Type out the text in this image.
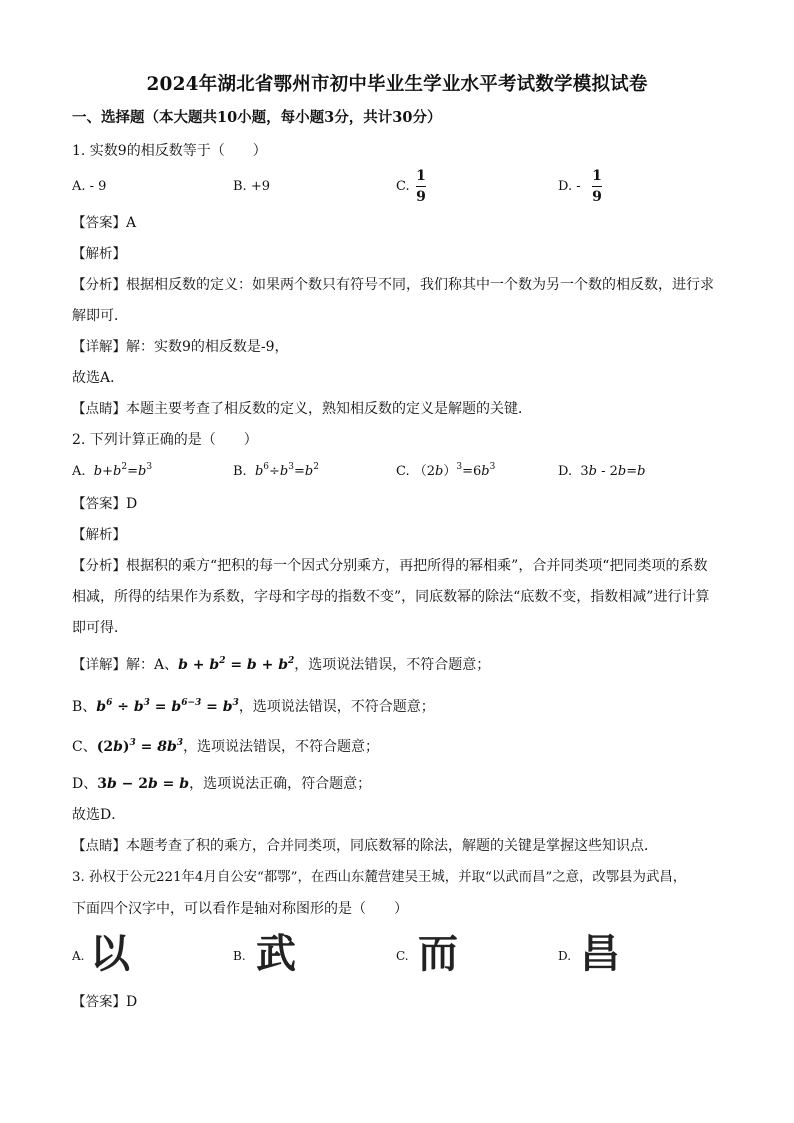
2024年湖北省鄂州市初中毕业生学业水平考试数学模拟试卷
一、选择题（本大题共10小题，每小题3分，共计30分）
1. 实数9的相反数等于（　　）
A. - 9	B. +9	C.
1
9
D. -
1
9
【答案】A
【解析】
【分析】根据相反数的定义：如果两个数只有符号不同，我们称其中一个数为另一个数的相反数，进行求
解即可．
【详解】解：实数9的相反数是-9，
故选A．
【点睛】本题主要考查了相反数的定义，熟知相反数的定义是解题的关键．
2. 下列计算正确的是（　　）
A. $b+b^2=b^3$	B. $b^6\div b^3=b^2$	C. $(2b)^3=6b^3$	D.  3b - 2b=b
【答案】D
【解析】
【分析】根据积的乘方“把积的每一个因式分别乘方，再把所得的幂相乘”，合并同类项“把同类项的系数
相减，所得的结果作为系数，字母和字母的指数不变”，同底数幂的除法“底数不变，指数相减”进行计算
即可得．
【详解】解：A、$b + b^2 = b + b^2$，选项说法错误，不符合题意；
B、$b^6 \div b^3 = b^{6-3} = b^3$，选项说法错误，不符合题意；
C、$(2b)^3 = 8b^3$，选项说法错误，不符合题意；
D、3b − 2b = b，选项说法正确，符合题意；
故选D．
【点睛】本题考查了积的乘方，合并同类项，同底数幂的除法，解题的关键是掌握这些知识点．
3. 孙权于公元221年4月自公安“都鄂”，在西山东麓营建吴王城，并取“以武而昌”之意，改鄂县为武昌，
下面四个汉字中，可以看作是轴对称图形的是（　　）
A. 以	B. 武	C. 而	D. 昌
【答案】D
